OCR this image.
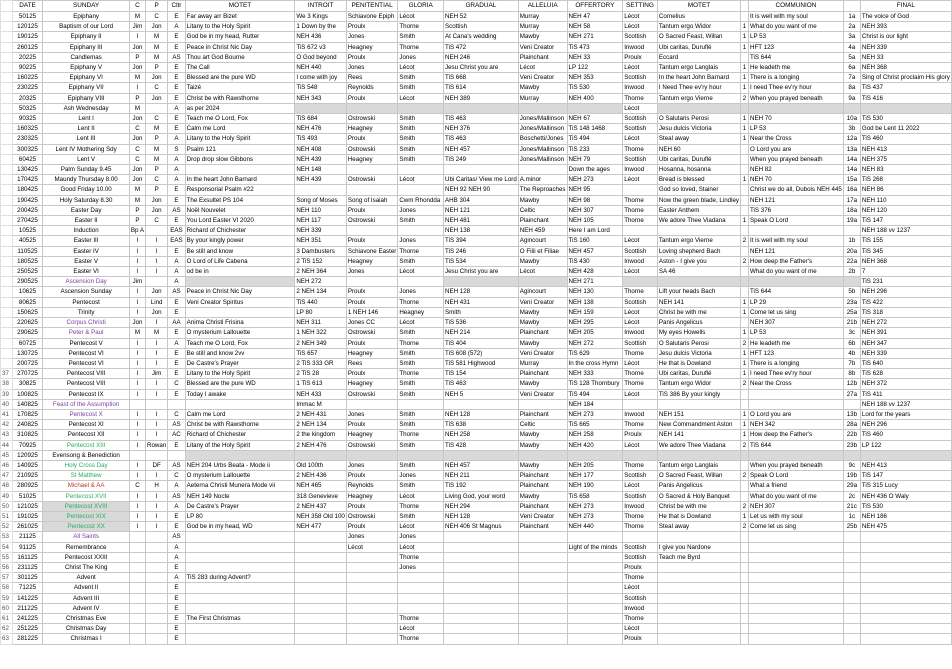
	DATE	SUNDAY	C	P	Cltr	MOTET	INTROIT	PENITENTIAL	GLORIA	GRADUAL	ALLELUIA	OFFERTORY	SETTING	MOTET		COMMUNION		FINAL
	50125	Epiphany	M	C	E	Far away arr Bizet	We 3 Kings	Schiavone Epiph	Lécot	NEH 52	Murray	NEH 47	Lécot	Cornelius		It is well with my soul	1a	The voice of God
	120125	Baptism of our Lord	Jim	Jon	A	Litany to the Holy Spirit	1 Down by the	Proulx	Thorne	Scottish	Murray	NEH 58	Lécot	Tantum ergo Widor	1	What do you want of me	2a	NEH 393
	190125	Epiphany II	I	M	E	God be in my head, Rutter	NEH 436	Jones	Smith	At Cana's wedding	Mawby	NEH 271	Scottish	O Sacred Feast, Willan	1	LP 53	3a	Christ is our light
	260125	Epiphany III	Jon	M	E	Peace in Christ Nic Day	TiS 672 v3	Heagney	Thorne	TiS 472	Veni Creator	TiS 473	Inwood	Ubi caritas, Duruflé	1	HFT 123	4a	NEH 339
	20225	Candlemas	P	M	AS	Thou art God Bourne	O God beyond	Proulx	Jones	NEH 246	Plainchant	NEH 33	Proulx	Eccard		TiS 644	5a	NEH 33
	90225	Epiphany V	Jon	P	E	The Call	NEH 440	Jones	Lécot	Jesu Christ you are	Lécot	LP 122	Lécot	Tantum ergo Langlais	1	He leadeth me	6a	NEH 368
	160225	Epiphany VI	M	Jon	E	Blessed are the pure WD	I come with joy	Rees	Smith	TiS 668	Veni Creator	NEH 353	Scottish	In the heart John Barnard	1	There is a longing	7a	Sing of Christ proclaim His glory
	230225	Epiphany VII	I	C	E	Taizé	TiS 548	Reynolds	Smith	TiS 614	Mawby	TiS 530	Inwood	I Need Thee ev'ry hour	1	I need Thee ev'ry hour	8a	TiS 437
	20325	Epiphany VIII	P	Jon	E	Christ be with Rawsthorne	NEH 343	Proulx	Lécot	NEH 389	Murray	NEH 400	Thorne	Tantum ergo Vierne	2	When you prayed beneath	9a	TiS 416
	50325	Ash Wednesday	M		A	as per 2024							Lécot					
	90325	Lent I	Jon	C	E	Teach me O Lord, Fox	TiS 684	Ostrowski	Smith	TiS 463	Jones/Mallinson	NEH 67	Scottish	O Salutaris Perosi	1	NEH 70	10a	TiS 530
	160325	Lent II	C	M	E	Calm me Lord	NEH 476	Heagney	Smith	NEH 376	Jones/Mallinson	TiS 148 1468	Scottish	Jesu dulcis Victoria	1	LP 53	3b	God be Lent 11 2022
	230325	Lent III	Jon	P	A	Litany to the Holy Spirit	TiS 493	Proulx	Smith	TiS 463	Boschetti/Jones	TiS 494	Lécot	Steal away	1	Near the Cross	12a	TiS 460
	300325	Lent IV Mothering Sdy	C	M	S	Psalm 121	NEH 408	Ostrowski	Smith	NEH 457	Jones/Mallinson	TiS 233	Thorne	NEH 60		O Lord you are	13a	NEH 413
	60425	Lent V	C	M	A	Drop drop slow Gibbons	NEH 439	Heagney	Smith	TiS 249	Jones/Mallinson	NEH 79	Scottish	Ubi caritas, Duruflé		When you prayed beneath	14a	NEH 375
	130425	Palm Sunday 9.45	Jon	P	A		NEH 148					Down the ages	Inwood	Hosanna, hosanna		NEH 82	14a	NEH 83
	170425	Maundy Thursday 8.00	Jon	C	A	In the heart John Barnard	NEH 439	Ostrowski	Lécot	Ubi Caritas/ View me Lord	A.minor	NEH 273	Lécot	Bread is blessed	1	NEH 70	15a	TiS 268
	180425	Good Friday 10.00	M	P	E	Responsorial Psalm #22				NEH 92 NEH 90	The Reproaches	NEH 95		God so loved, Stainer		Christ we do all, Dubois NEH 445	16a	NEH 86
	190425	Holy Saturday 8.30	M	Jon	E	The Exsultet PS 104	Song of Moses	Song of Isaiah	Cwm Rhondda	AHB 304	Mawby	NEH 98	Thorne	Now the green blade, Lindley		NEH 121	17a	NEH 110
	200425	Easter Day	P	Jon	AS	Noël Nouvelet	NEH 110	Proulx	Jones	NEH 121	Celtic	NEH 307	Thorne	Easter Anthem		TiS 376	18a	NEH 120
	270425	Easter II	P	C	E	You Lord Easter VI 2020	NEH 117	Ostrowski	Smith	NEH 481	Plainchant	NEH 105	Thorne	We adore Thee Viadana	1	Speak O Lord	19a	TiS 147
	10525	Induction	Bp A		EAS	Richard of Chichester	NEH 339			NEH 138	NEH 459	Here I am Lord						NEH 188 vv 1237
	40525	Easter III	I	I	EAS	By your kingly power	NEH 351	Proulx	Jones	TiS 394	Agincourt	TiS 160	Lécot	Tantum ergo Vierne	2	It is well with my soul	1b	TiS 155
	110525	Easter IV	I	I	E	Be still and know	3 Dambusters	Schiavone Easter	Thorne	TiS 246	O Filii et Filiae	NEH 457	Scottish	Loving shepherd Bach		NEH 121	20a	TiS 345
	180525	Easter V	I	I	A	O Lord of Life Cabena	2 TiS 152	Heagney	Smith	TiS 534	Mawby	TiS 430	Inwood	Aston - I give you	2	How deep the Father's	22a	NEH 368
	250525	Easter VI	I	I	A	od be in	2 NEH 364	Jones	Lécot	Jesu Christ you are	Lécot	NEH 428	Lécot	SA 46		What do you want of me	2b	7
	290525	Ascension Day	Jim		A		NEH 272					NEH 271						TiS 231
	10625	Ascension Sunday	I	Jon	AS	Peace in Christ Nic Day	2 NEH 134	Proulx	Jones	NEH 128	Agincourt	NEH 130	Thorne	Lift your heads Bach		TiS 644	5b	NEH 296
	80625	Pentecost	I	Lind	E	Veni Creator Spiritus	TiS 440	Proulx	Thorne	NEH 431	Veni Creator	NEH 138	Scottish	NEH 141	1	LP 29	23a	TiS 422
	150625	Trinity	I	Jon	E		LP 80	1 NEH 146	Heagney	Smith	Mawby	NEH 159	Lécot	Christ be with me	1	Come let us sing	25a	TiS 318
	220625	Corpus Christi	Jon	I	AA	Anima Christi Frisina	NEH 311	Jones CC	Lécot	TiS 536	Mawby	NEH 295	Lécot	Panis Angelicus		NEH 307	21b	NEH 272
	290625	Peter & Paul	M	M	E	O mysterium Lallouette	1 NEH 322	Ostrowski	Smith	NEH 214	Plainchant	NEH 205	Inwood	My eyes Howells	1	LP 53	3c	NEH 391
	60725	Pentecost V	I	I	A	Teach me O Lord, Fox	2 NEH 349	Proulx	Thorne	TiS 404	Mawby	NEH 272	Scottish	O Salutaris Perosi	2	He leadeth me	6b	NEH 347
	130725	Pentecost VI	I	I	E	Be still and know 2vv	TiS 657	Heagney	Smith	TiS 608 (572)	Veni Creator	TiS 629	Thorne	Jesu dulcis Victoria	1	HFT 123	4b	NEH 339
	200725	Pentecost VI	I	I	E	De Castre's Prayer	2 TiS 333 GR	Rees	Smith	TiS 581 Highwood	Murray	In the cross Hymn	Lécot	He that is Dowland	1	There is a longing	7b	TiS 640
37	270725	Pentecost VIII	I	Jim	E	Litany to the Holy Spirit	2 TiS 28	Proulx	Thorne	TiS 154	Plainchant	NEH 333	Thorne	Ubi caritas, Duruflé	1	I need Thee ev'ry hour	8b	TiS 628
38	30825	Pentecost VIII	I	I	C	Blessed are the pure WD	1 TiS 613	Heagney	Smith	TiS 463	Mawby	TiS 128 Thornbury	Thorne	Tantum ergo Widor	2	Near the Cross	12b	NEH 372
39	100825	Pentecost IX	I	I	E	Today I awake	NEH 433	Ostrowski	Smith	NEH 5	Veni Creator	TiS 494	Lécot	TiS 386 By your kingly			27a	TiS 411
40	140825	Feast of the Assumption					Immac M					NEH 184						NEH 188 vv 1237
41	170825	Pentecost X	I	I	C	Calm me Lord	2 NEH 431	Jones	Smith	NEH 128	Plainchant	NEH 273	Inwood	NEH 151	1	O Lord you are	13b	Lord for the years
42	240825	Pentecost XI	I	I	AS	Christ be with Rawsthorne	2 NEH 134	Proulx	Smith	TiS 638	Celtic	TiS 665	Thorne	New Commandment Aston	1	NEH 342	28a	NEH 296
43	310825	Pentecost XII	I	I	AC	Richard of Chichester	2 the kingdom	Heagney	Thorne	NEH 258	Mawby	NEH 258	Proulx	NEH 141	1	How deep the Father's	22b	TiS 460
44	70925	Pentecost XIII	I	Rowan	E	Litany of the Holy Spirit	2 NEH 476	Ostrowski	Smith	TiS 428	Mawby	NEH 420	Lécot	We adore Thee Viadana	2	TiS 644	23b	LP 122
45	120925	Evensong & Benediction																
46	140925	Holy Cross Day	I	DF	AS	NEH 204 Urbs Beata - Mode ii	Old 100th	Jones	Smith	NEH 457	Mawby	NEH 205	Thorne	Tantum ergo Langlais		When you prayed beneath	9c	NEH 413
47	210925	St Matthew	I	I	C	O mysterium Lallouette	2 NEH 436	Proulx	Jones	NEH 211	Plainchant	NEH 177	Scottish	O Sacred Feast, Willan	2	Speak O Lord	19b	TiS 147
48	280925	Michael & AA	C	H	A	Aeterna Christi Munera Mode vii	NEH 465	Reynolds	Smith	TiS 192	Plainchant	NEH 190	Lécot	Panis Angelicus		What a friend	29a	TiS 315 Lucy
49	51025	Pentecost XVII	I	I	AS	NEH 149 Nocte	318 Genevieve	Heagney	Lécot	Living God, your word	Mawby	TiS 658	Scottish	O Sacred & Holy Banquet		What do you want of me	2c	NEH 436 O Waly
50	121025	Pentecost XVIII	I	I	A	De Castre's Prayer	2 NEH 437	Proulx	Thorne	NEH 294	Plainchant	NEH 273	Inwood	Christ be with me	2	NEH 307	21c	TiS 530
51	191025	Pentecost XIX	I	I	E	LP 80	NEH 358 Old 100	Ostrowski	Smith	NEH 128	Veni Creator	NEH 273	Thorne	He that is Dowland	1	Let us with my soul	1c	NEH 186
52	261025	Pentecost XX	I	I	E	God be in my head, WD	NEH 477	Proulx	Lécot	NEH 406 St Magnus	Plainchant	NEH 440	Thorne	Steal away	2	Come let us sing	25b	NEH 475
53	21125	All Saints			AS			Jones	Jones									
54	91125	Remembrance			A			Lécot	Lécot			Light of the minds	Scottish	I give you Nardone				
55	161125	Pentecost XXIII			A				Thorne				Scottish	Teach me Byrd				
56	231125	Christ The King			E				Jones				Proulx					
57	301125	Advent			A	TiS 283 during Advent?							Thorne					
58	71225	Advent II			E								Lécot					
59	141225	Advent III			E								Scottish					
60	211225	Advent IV			E								Inwood					
61	241225	Christmas Eve			E	The First Christmas			Thorne				Thorne					
62	251225	Christmas Day			E				Lécot				Lécot					
63	281225	Christmas I			E				Thorne				Proulx					
